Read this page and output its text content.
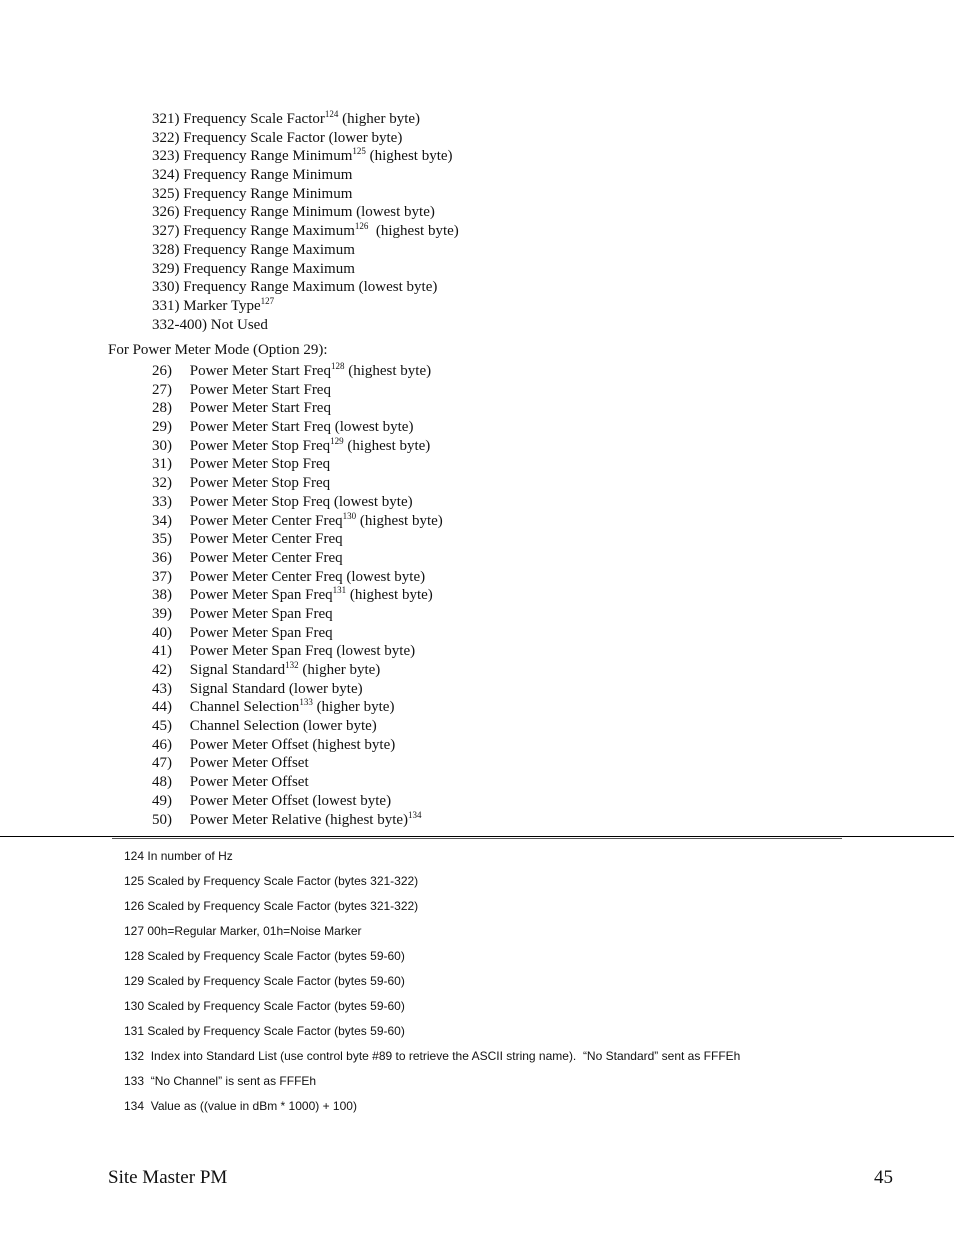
321) Frequency Scale Factor$^{124}$ (higher byte)
322) Frequency Scale Factor (lower byte)
323) Frequency Range Minimum$^{125}$ (highest byte)
324) Frequency Range Minimum
325) Frequency Range Minimum
326) Frequency Range Minimum (lowest byte)
327) Frequency Range Maximum$^{126}$  (highest byte)
328) Frequency Range Maximum
329) Frequency Range Maximum
330) Frequency Range Maximum (lowest byte)
331) Marker Type$^{127}$
332-400) Not Used
For Power Meter Mode (Option 29):
26) Power Meter Start Freq$^{128}$ (highest byte)
27) Power Meter Start Freq
28) Power Meter Start Freq
29) Power Meter Start Freq (lowest byte)
30) Power Meter Stop Freq$^{129}$ (highest byte)
31) Power Meter Stop Freq
32) Power Meter Stop Freq
33) Power Meter Stop Freq (lowest byte)
34) Power Meter Center Freq$^{130}$ (highest byte)
35) Power Meter Center Freq
36) Power Meter Center Freq
37) Power Meter Center Freq (lowest byte)
38) Power Meter Span Freq$^{131}$ (highest byte)
39) Power Meter Span Freq
40) Power Meter Span Freq
41) Power Meter Span Freq (lowest byte)
42) Signal Standard$^{132}$ (higher byte)
43) Signal Standard (lower byte)
44) Channel Selection$^{133}$ (higher byte)
45) Channel Selection (lower byte)
46) Power Meter Offset (highest byte)
47) Power Meter Offset
48) Power Meter Offset
49) Power Meter Offset (lowest byte)
50) Power Meter Relative (highest byte)$^{134}$
124 In number of Hz
125 Scaled by Frequency Scale Factor (bytes 321-322)
126 Scaled by Frequency Scale Factor (bytes 321-322)
127 00h=Regular Marker, 01h=Noise Marker
128 Scaled by Frequency Scale Factor (bytes 59-60)
129 Scaled by Frequency Scale Factor (bytes 59-60)
130 Scaled by Frequency Scale Factor (bytes 59-60)
131 Scaled by Frequency Scale Factor (bytes 59-60)
132  Index into Standard List (use control byte #89 to retrieve the ASCII string name).  “No Standard” sent as FFFEh
133  “No Channel” is sent as FFFEh
134  Value as ((value in dBm * 1000) + 100)
Site Master PM	45
